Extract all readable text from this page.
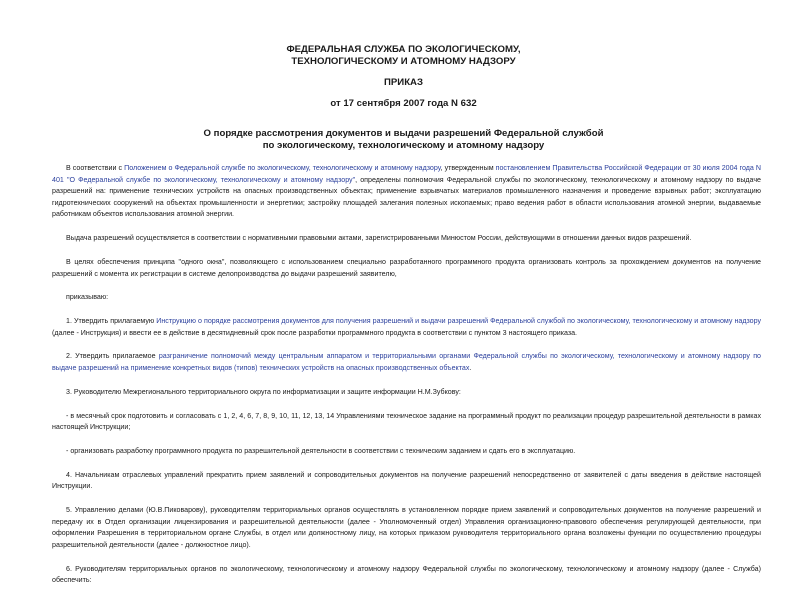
ФЕДЕРАЛЬНАЯ СЛУЖБА ПО ЭКОЛОГИЧЕСКОМУ,
ТЕХНОЛОГИЧЕСКОМУ И АТОМНОМУ НАДЗОРУ
ПРИКАЗ
от 17 сентября 2007 года N 632
О порядке рассмотрения документов и выдачи разрешений Федеральной службой
по экологическому, технологическому и атомному надзору

В соответствии с Положением о Федеральной службе по экологическому, технологическому и атомному надзору, утвержденным постановлением Правительства Российской Федерации от 30 июля 2004 года N 401 "О Федеральной службе по экологическому, технологическому и атомному надзору", определены полномочия Федеральной службы по экологическому, технологическому и атомному надзору по выдаче разрешений на: применение технических устройств на опасных производственных объектах; применение взрывчатых материалов промышленного назначения и проведение взрывных работ; эксплуатацию гидротехнических сооружений на объектах промышленности и энергетики; застройку площадей залегания полезных ископаемых; право ведения работ в области использования атомной энергии, выдаваемые работникам объектов использования атомной энергии.

Выдача разрешений осуществляется в соответствии с нормативными правовыми актами, зарегистрированными Минюстом России, действующими в отношении данных видов разрешений.

В целях обеспечения принципа "одного окна", позволяющего с использованием специально разработанного программного продукта организовать контроль за прохождением документов на получение разрешений с момента их регистрации в системе делопроизводства до выдачи разрешений заявителю,

приказываю:

1. Утвердить прилагаемую Инструкцию о порядке рассмотрения документов для получения разрешений и выдачи разрешений Федеральной службой по экологическому, технологическому и атомному надзору (далее - Инструкция) и ввести ее в действие в десятидневный срок после разработки программного продукта в соответствии с пунктом 3 настоящего приказа.

2. Утвердить прилагаемое разграничение полномочий между центральным аппаратом и территориальными органами Федеральной службы по экологическому, технологическому и атомному надзору по выдаче разрешений на применение конкретных видов (типов) технических устройств на опасных производственных объектах.

3. Руководителю Межрегионального территориального округа по информатизации и защите информации Н.М.Зубкову:

- в месячный срок подготовить и согласовать с 1, 2, 4, 6, 7, 8, 9, 10, 11, 12, 13, 14 Управлениями техническое задание на программный продукт по реализации процедур разрешительной деятельности в рамках настоящей Инструкции;

- организовать разработку программного продукта по разрешительной деятельности в соответствии с техническим заданием и сдать его в эксплуатацию.

4. Начальникам отраслевых управлений прекратить прием заявлений и сопроводительных документов на получение разрешений непосредственно от заявителей с даты введения в действие настоящей Инструкции.

5. Управлению делами (Ю.В.Пиковарову), руководителям территориальных органов осуществлять в установленном порядке прием заявлений и сопроводительных документов на получение разрешений и передачу их в Отдел организации лицензирования и разрешительной деятельности (далее - Уполномоченный отдел) Управления организационно-правового обеспечения регулирующей деятельности, при оформлении Разрешения в территориальном органе Службы, в отдел или должностному лицу, на которых приказом руководителя территориального органа возложены функции по осуществлению процедуры разрешительной деятельности (далее - должностное лицо).

6. Руководителям территориальных органов по экологическому, технологическому и атомному надзору Федеральной службы по экологическому, технологическому и атомному надзору (далее - Служба) обеспечить:
